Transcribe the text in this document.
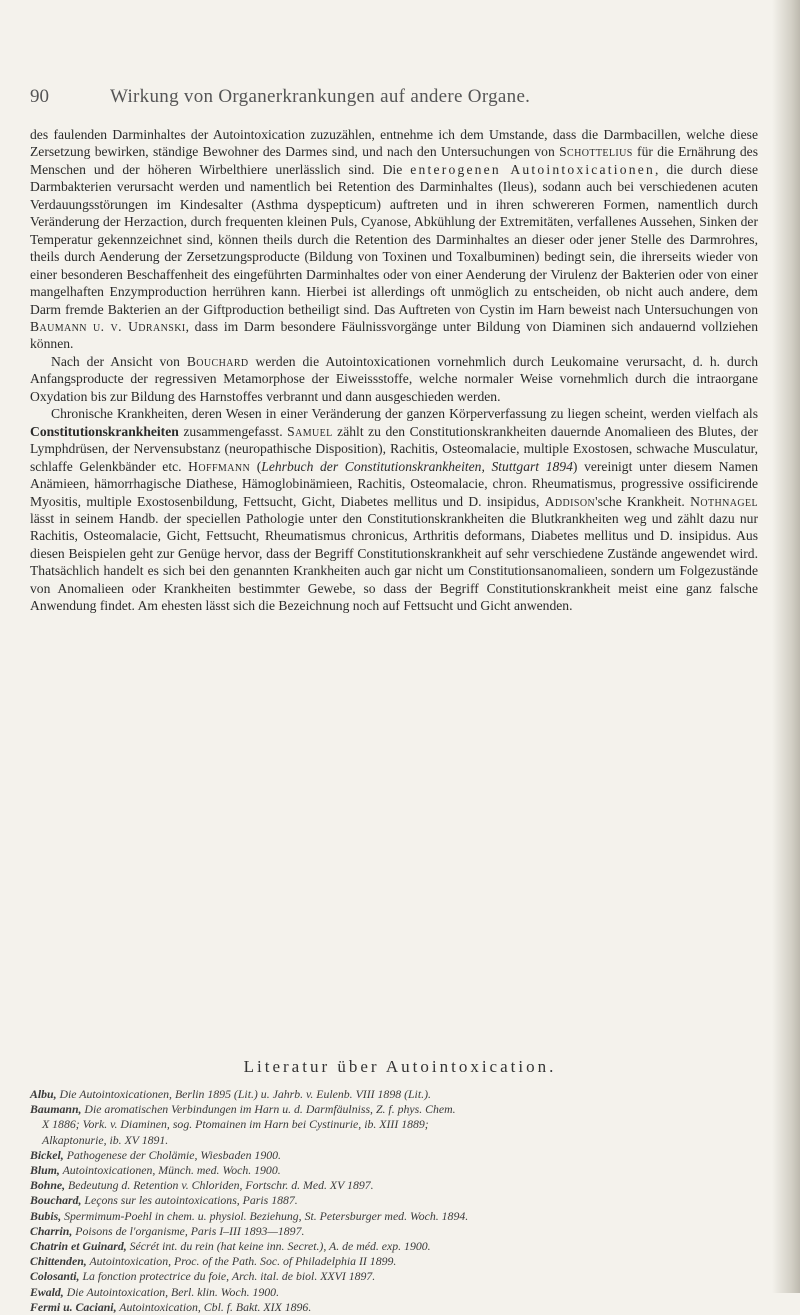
90	Wirkung von Organerkrankungen auf andere Organe.

des faulenden Darminhaltes der Autointoxication zuzuzählen, entnehme ich dem Umstande, dass die Darmbacillen, welche diese Zersetzung bewirken, ständige Bewohner des Darmes sind, und nach den Untersuchungen von Schottelius für die Ernährung des Menschen und der höheren Wirbelthiere unerlässlich sind. Die enterogenen Autointoxicationen, die durch diese Darmbakterien verursacht werden und namentlich bei Retention des Darminhaltes (Ileus), sodann auch bei verschiedenen acuten Verdauungsstörungen im Kindesalter (Asthma dyspepticum) auftreten und in ihren schwereren Formen, namentlich durch Veränderung der Herzaction, durch frequenten kleinen Puls, Cyanose, Abkühlung der Extremitäten, verfallenes Aussehen, Sinken der Temperatur gekennzeichnet sind, können theils durch die Retention des Darminhaltes an dieser oder jener Stelle des Darmrohres, theils durch Aenderung der Zersetzungsproducte (Bildung von Toxinen und Toxalbuminen) bedingt sein, die ihrerseits wieder von einer besonderen Beschaffenheit des eingeführten Darminhaltes oder von einer Aenderung der Virulenz der Bakterien oder von einer mangelhaften Enzymproduction herrühren kann. Hierbei ist allerdings oft unmöglich zu entscheiden, ob nicht auch andere, dem Darm fremde Bakterien an der Giftproduction betheiligt sind. Das Auftreten von Cystin im Harn beweist nach Untersuchungen von Baumann u. v. Udranski, dass im Darm besondere Fäulnissvorgänge unter Bildung von Diaminen sich andauernd vollziehen können.

Nach der Ansicht von Bouchard werden die Autointoxicationen vornehmlich durch Leukomaine verursacht, d. h. durch Anfangsproducte der regressiven Metamorphose der Eiweissstoffe, welche normaler Weise vornehmlich durch die intraorgane Oxydation bis zur Bildung des Harnstoffes verbrannt und dann ausgeschieden werden.

Chronische Krankheiten, deren Wesen in einer Veränderung der ganzen Körperverfassung zu liegen scheint, werden vielfach als Constitutionskrankheiten zusammengefasst. Samuel zählt zu den Constitutionskrankheiten dauernde Anomalieen des Blutes, der Lymphdrüsen, der Nervensubstanz (neuropathische Disposition), Rachitis, Osteomalacie, multiple Exostosen, schwache Musculatur, schlaffe Gelenkbänder etc. Hoffmann (Lehrbuch der Constitutionskrankheiten, Stuttgart 1894) vereinigt unter diesem Namen Anämieen, hämorrhagische Diathese, Hämoglobinämieen, Rachitis, Osteomalacie, chron. Rheumatismus, progressive ossificirende Myositis, multiple Exostosenbildung, Fettsucht, Gicht, Diabetes mellitus und D. insipidus, Addison'sche Krankheit. Nothnagel lässt in seinem Handb. der speciellen Pathologie unter den Constitutionskrankheiten die Blutkrankheiten weg und zählt dazu nur Rachitis, Osteomalacie, Gicht, Fettsucht, Rheumatismus chronicus, Arthritis deformans, Diabetes mellitus und D. insipidus. Aus diesen Beispielen geht zur Genüge hervor, dass der Begriff Constitutionskrankheit auf sehr verschiedene Zustände angewendet wird. Thatsächlich handelt es sich bei den genannten Krankheiten auch gar nicht um Constitutionsanomalieen, sondern um Folgezustände von Anomalieen oder Krankheiten bestimmter Gewebe, so dass der Begriff Constitutionskrankheit meist eine ganz falsche Anwendung findet. Am ehesten lässt sich die Bezeichnung noch auf Fettsucht und Gicht anwenden.

Literatur über Autointoxication.
Albu, Die Autointoxicationen, Berlin 1895 (Lit.) u. Jahrb. v. Eulenb. VIII 1898 (Lit.).
Baumann, Die aromatischen Verbindungen im Harn u. d. Darmfäulniss, Z. f. phys. Chem.
X 1886; Vork. v. Diaminen, sog. Ptomainen im Harn bei Cystinurie, ib. XIII 1889;
Alkaptonurie, ib. XV 1891.
Bickel, Pathogenese der Cholämie, Wiesbaden 1900.
Blum, Autointoxicationen, Münch. med. Woch. 1900.
Bohne, Bedeutung d. Retention v. Chloriden, Fortschr. d. Med. XV 1897.
Bouchard, Leçons sur les autointoxications, Paris 1887.
Bubis, Spermimum-Poehl in chem. u. physiol. Beziehung, St. Petersburger med. Woch. 1894.
Charrin, Poisons de l'organisme, Paris I–III 1893—1897.
Chatrin et Guinard, Sécrét int. du rein (hat keine inn. Secret.), A. de méd. exp. 1900.
Chittenden, Autointoxication, Proc. of the Path. Soc. of Philadelphia II 1899.
Colosanti, La fonction protectrice du foie, Arch. ital. de biol. XXVI 1897.
Ewald, Die Autointoxication, Berl. klin. Woch. 1900.
Fermi u. Caciani, Autointoxication, Cbl. f. Bakt. XIX 1896.
